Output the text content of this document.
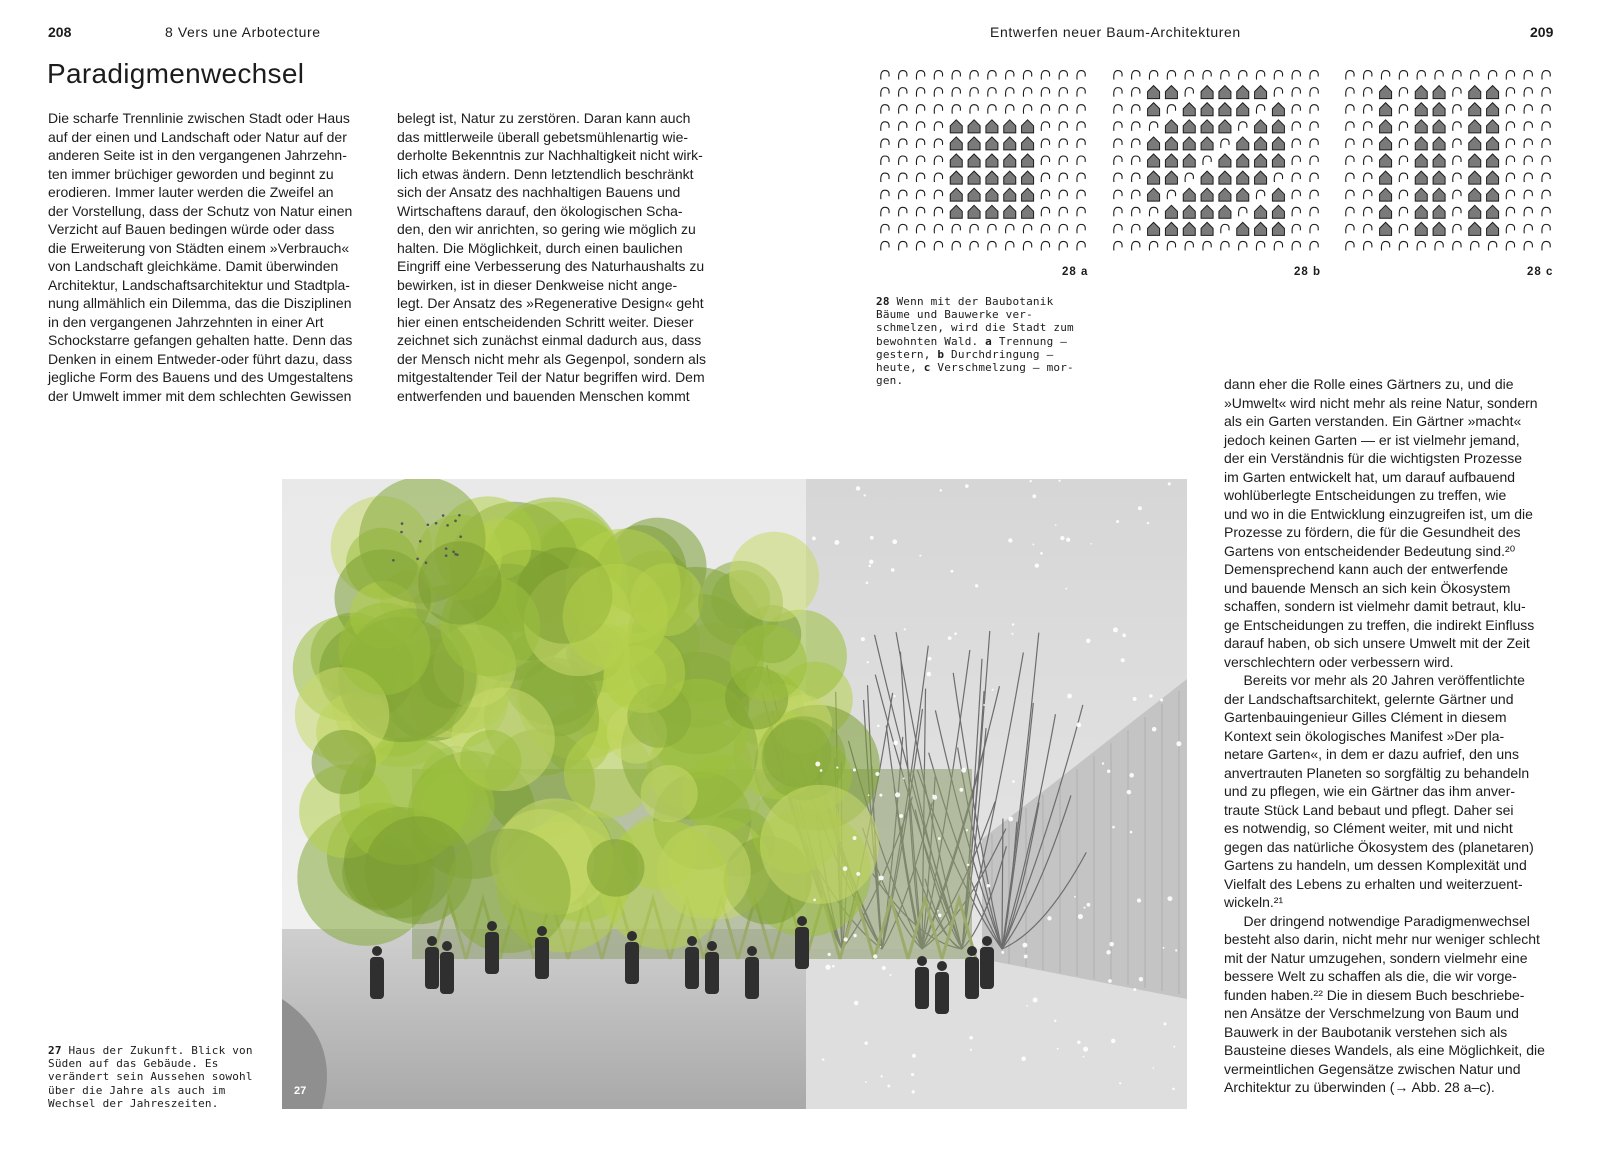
208	8 Vers une Arbotecture	Entwerfen neuer Baum-Architekturen	209
Paradigmenwechsel

Die scharfe Trennlinie zwischen Stadt oder Haus
auf der einen und Landschaft oder Natur auf der
anderen Seite ist in den vergangenen Jahrzehn-
ten immer brüchiger geworden und beginnt zu
erodieren. Immer lauter werden die Zweifel an
der Vorstellung, dass der Schutz von Natur einen
Verzicht auf Bauen bedingen würde oder dass
die Erweiterung von Städten einem »Verbrauch«
von Landschaft gleichkäme. Damit überwinden
Architektur, Landschaftsarchitektur und Stadtpla-
nung allmählich ein Dilemma, das die Disziplinen
in den vergangenen Jahrzehnten in einer Art
Schockstarre gefangen gehalten hatte. Denn das
Denken in einem Entweder-oder führt dazu, dass
jegliche Form des Bauens und des Umgestaltens
der Umwelt immer mit dem schlechten Gewissen

belegt ist, Natur zu zerstören. Daran kann auch
das mittlerweile überall gebetsmühlenartig wie-
derholte Bekenntnis zur Nachhaltigkeit nicht wirk-
lich etwas ändern. Denn letztendlich beschränkt
sich der Ansatz des nachhaltigen Bauens und
Wirtschaftens darauf, den ökologischen Scha-
den, den wir anrichten, so gering wie möglich zu
halten. Die Möglichkeit, durch einen baulichen
Eingriff eine Verbesserung des Naturhaushalts zu
bewirken, ist in dieser Denkweise nicht ange-
legt. Der Ansatz des »Regenerative Design« geht
hier einen entscheidenden Schritt weiter. Dieser
zeichnet sich zunächst einmal dadurch aus, dass
der Mensch nicht mehr als Gegenpol, sondern als
mitgestaltender Teil der Natur begriffen wird. Dem
entwerfenden und bauenden Menschen kommt

dann eher die Rolle eines Gärtners zu, und die
»Umwelt« wird nicht mehr als reine Natur, sondern
als ein Garten verstanden. Ein Gärtner »macht«
jedoch keinen Garten — er ist vielmehr jemand,
der ein Verständnis für die wichtigsten Prozesse
im Garten entwickelt hat, um darauf aufbauend
wohlüberlegte Entscheidungen zu treffen, wie
und wo in die Entwicklung einzugreifen ist, um die
Prozesse zu fördern, die für die Gesundheit des
Gartens von entscheidender Bedeutung sind.²⁰
Demensprechend kann auch der entwerfende
und bauende Mensch an sich kein Ökosystem
schaffen, sondern ist vielmehr damit betraut, klu-
ge Entscheidungen zu treffen, die indirekt Einfluss
darauf haben, ob sich unsere Umwelt mit der Zeit
verschlechtern oder verbessern wird.
Bereits vor mehr als 20 Jahren veröffentlichte
der Landschaftsarchitekt, gelernte Gärtner und
Gartenbauingenieur Gilles Clément in diesem
Kontext sein ökologisches Manifest »Der pla-
netare Garten«, in dem er dazu aufrief, den uns
anvertrauten Planeten so sorgfältig zu behandeln
und zu pflegen, wie ein Gärtner das ihm anver-
traute Stück Land bebaut und pflegt. Daher sei
es notwendig, so Clément weiter, mit und nicht
gegen das natürliche Ökosystem des (planetaren)
Gartens zu handeln, um dessen Komplexität und
Vielfalt des Lebens zu erhalten und weiterzuent-
wickeln.²¹
Der dringend notwendige Paradigmenwechsel
besteht also darin, nicht mehr nur weniger schlecht
mit der Natur umzugehen, sondern vielmehr eine
bessere Welt zu schaffen als die, die wir vorge-
funden haben.²² Die in diesem Buch beschriebe-
nen Ansätze der Verschmelzung von Baum und
Bauwerk in der Baubotanik verstehen sich als
Bausteine dieses Wandels, als eine Möglichkeit, die
vermeintlichen Gegensätze zwischen Natur und
Architektur zu überwinden (→ Abb. 28 a–c).

28 a	28 b	28 c

28 Wenn mit der Baubotanik
Bäume und Bauwerke ver-
schmelzen, wird die Stadt zum
bewohnten Wald. a Trennung —
gestern, b Durchdringung —
heute, c Verschmelzung — mor-
gen.

27

27 Haus der Zukunft. Blick von
Süden auf das Gebäude. Es
verändert sein Aussehen sowohl
über die Jahre als auch im
Wechsel der Jahreszeiten.
